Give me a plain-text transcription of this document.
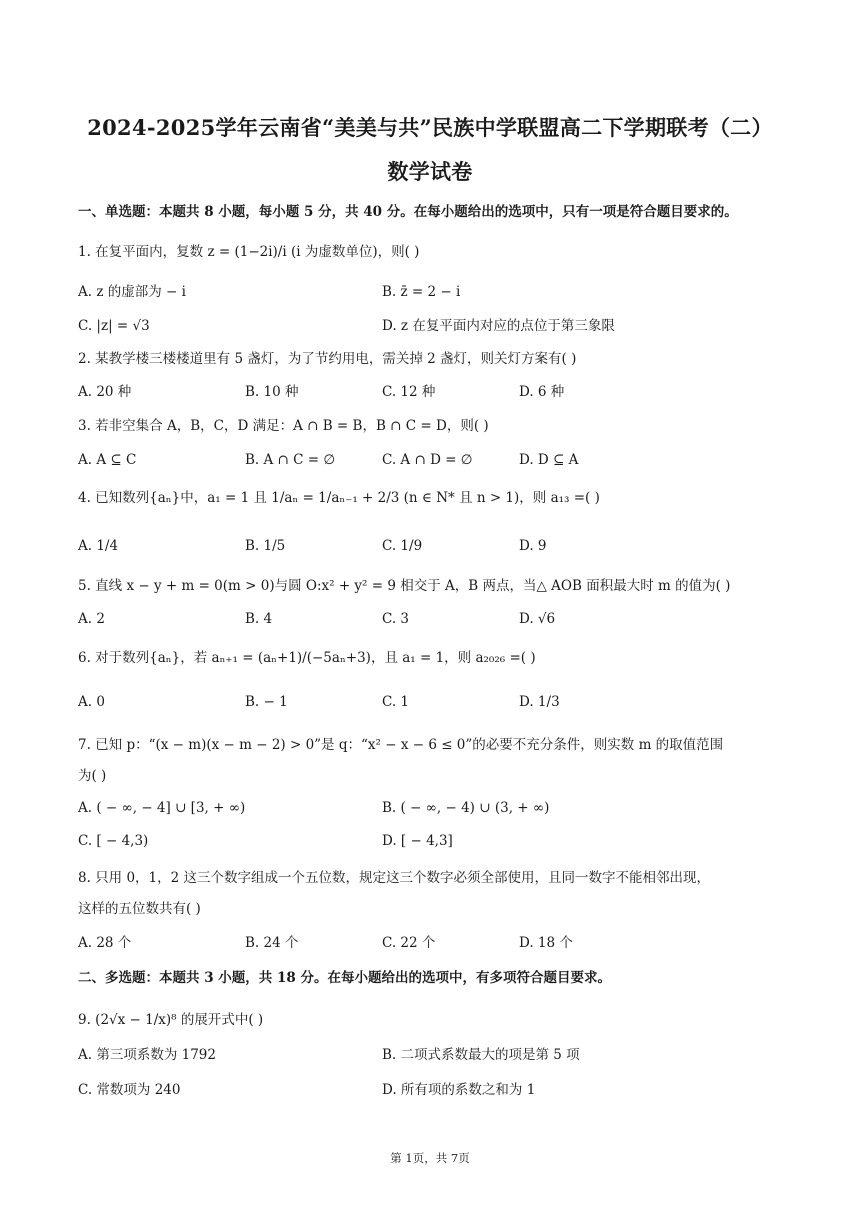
2024-2025学年云南省“美美与共”民族中学联盟高二下学期联考（二）
数学试卷
一、单选题：本题共 8 小题，每小题 5 分，共 40 分。在每小题给出的选项中，只有一项是符合题目要求的。
1. 在复平面内，复数 z = (1−2i)/i (i 为虚数单位)，则( )
A. z 的虚部为 − i	B. z̄ = 2 − i
C. |z| = √3	D. z 在复平面内对应的点位于第三象限
2. 某教学楼三楼楼道里有 5 盏灯，为了节约用电，需关掉 2 盏灯，则关灯方案有( )
A. 20 种	B. 10 种	C. 12 种	D. 6 种
3. 若非空集合 A，B，C，D 满足：A ∩ B = B，B ∩ C = D，则( )
A. A ⊆ C	B. A ∩ C = ∅	C. A ∩ D = ∅	D. D ⊆ A
4. 已知数列{aₙ}中，a₁ = 1 且 1/aₙ = 1/aₙ₋₁ + 2/3 (n ∈ N* 且 n > 1)，则 a₁₃ =( )
A. 1/4	B. 1/5	C. 1/9	D. 9
5. 直线 x − y + m = 0(m > 0)与圆 O:x² + y² = 9 相交于 A，B 两点，当△ AOB 面积最大时 m 的值为( )
A. 2	B. 4	C. 3	D. √6
6. 对于数列{aₙ}，若 aₙ₊₁ = (aₙ+1)/(−5aₙ+3)，且 a₁ = 1，则 a₂₀₂₆ =( )
A. 0	B. − 1	C. 1	D. 1/3
7. 已知 p：“(x − m)(x − m − 2) > 0”是 q：“x² − x − 6 ≤ 0”的必要不充分条件，则实数 m 的取值范围
为( )
A. ( − ∞, − 4] ∪ [3, + ∞)	B. ( − ∞, − 4) ∪ (3, + ∞)
C. [ − 4,3)	D. [ − 4,3]
8. 只用 0，1，2 这三个数字组成一个五位数，规定这三个数字必须全部使用，且同一数字不能相邻出现，
这样的五位数共有( )
A. 28 个	B. 24 个	C. 22 个	D. 18 个
二、多选题：本题共 3 小题，共 18 分。在每小题给出的选项中，有多项符合题目要求。
9. (2√x − 1/x)⁸ 的展开式中( )
A. 第三项系数为 1792	B. 二项式系数最大的项是第 5 项
C. 常数项为 240	D. 所有项的系数之和为 1
第 1页，共 7页
